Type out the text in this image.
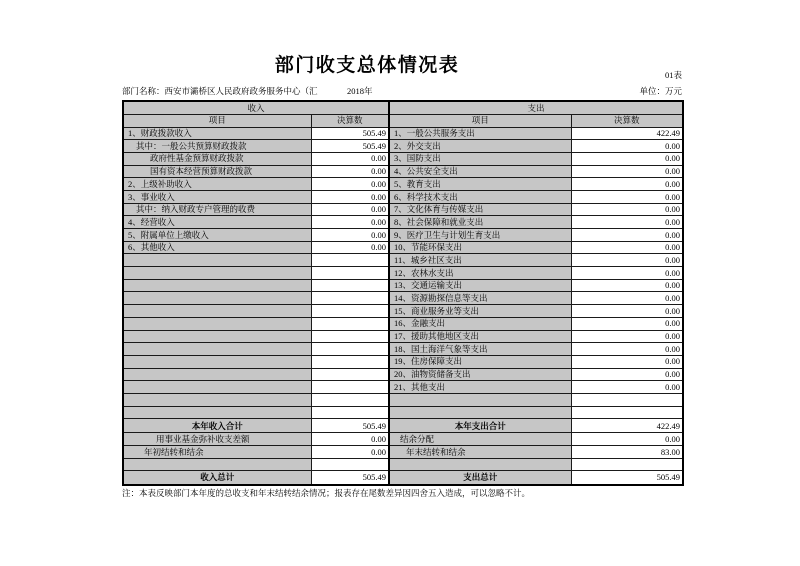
部门收支总体情况表	01表
部门名称：西安市灞桥区人民政府政务服务中心（汇	2018年	单位：万元
收入		支出	
项目	决算数	项目	决算数
1、财政拨款收入	505.49	1、一般公共服务支出	422.49
其中：一般公共预算财政拨款	505.49	2、外交支出	0.00
政府性基金预算财政拨款	0.00	3、国防支出	0.00
国有资本经营预算财政拨款	0.00	4、公共安全支出	0.00
2、上级补助收入	0.00	5、教育支出	0.00
3、事业收入	0.00	6、科学技术支出	0.00
其中：纳入财政专户管理的收费	0.00	7、文化体育与传媒支出	0.00
4、经营收入	0.00	8、社会保障和就业支出	0.00
5、附属单位上缴收入	0.00	9、医疗卫生与计划生育支出	0.00
6、其他收入	0.00	10、节能环保支出	0.00
		11、城乡社区支出	0.00
		12、农林水支出	0.00
		13、交通运输支出	0.00
		14、资源勘探信息等支出	0.00
		15、商业服务业等支出	0.00
		16、金融支出	0.00
		17、援助其他地区支出	0.00
		18、国土海洋气象等支出	0.00
		19、住房保障支出	0.00
		20、油物资储备支出	0.00
		21、其他支出	0.00

本年收入合计	505.49	本年支出合计	422.49
用事业基金弥补收支差额	0.00	结余分配	0.00
年初结转和结余	0.00	年末结转和结余	83.00

收入总计	505.49	支出总计	505.49
注：本表反映部门本年度的总收支和年末结转结余情况；报表存在尾数差异因四舍五入造成，可以忽略不计。
